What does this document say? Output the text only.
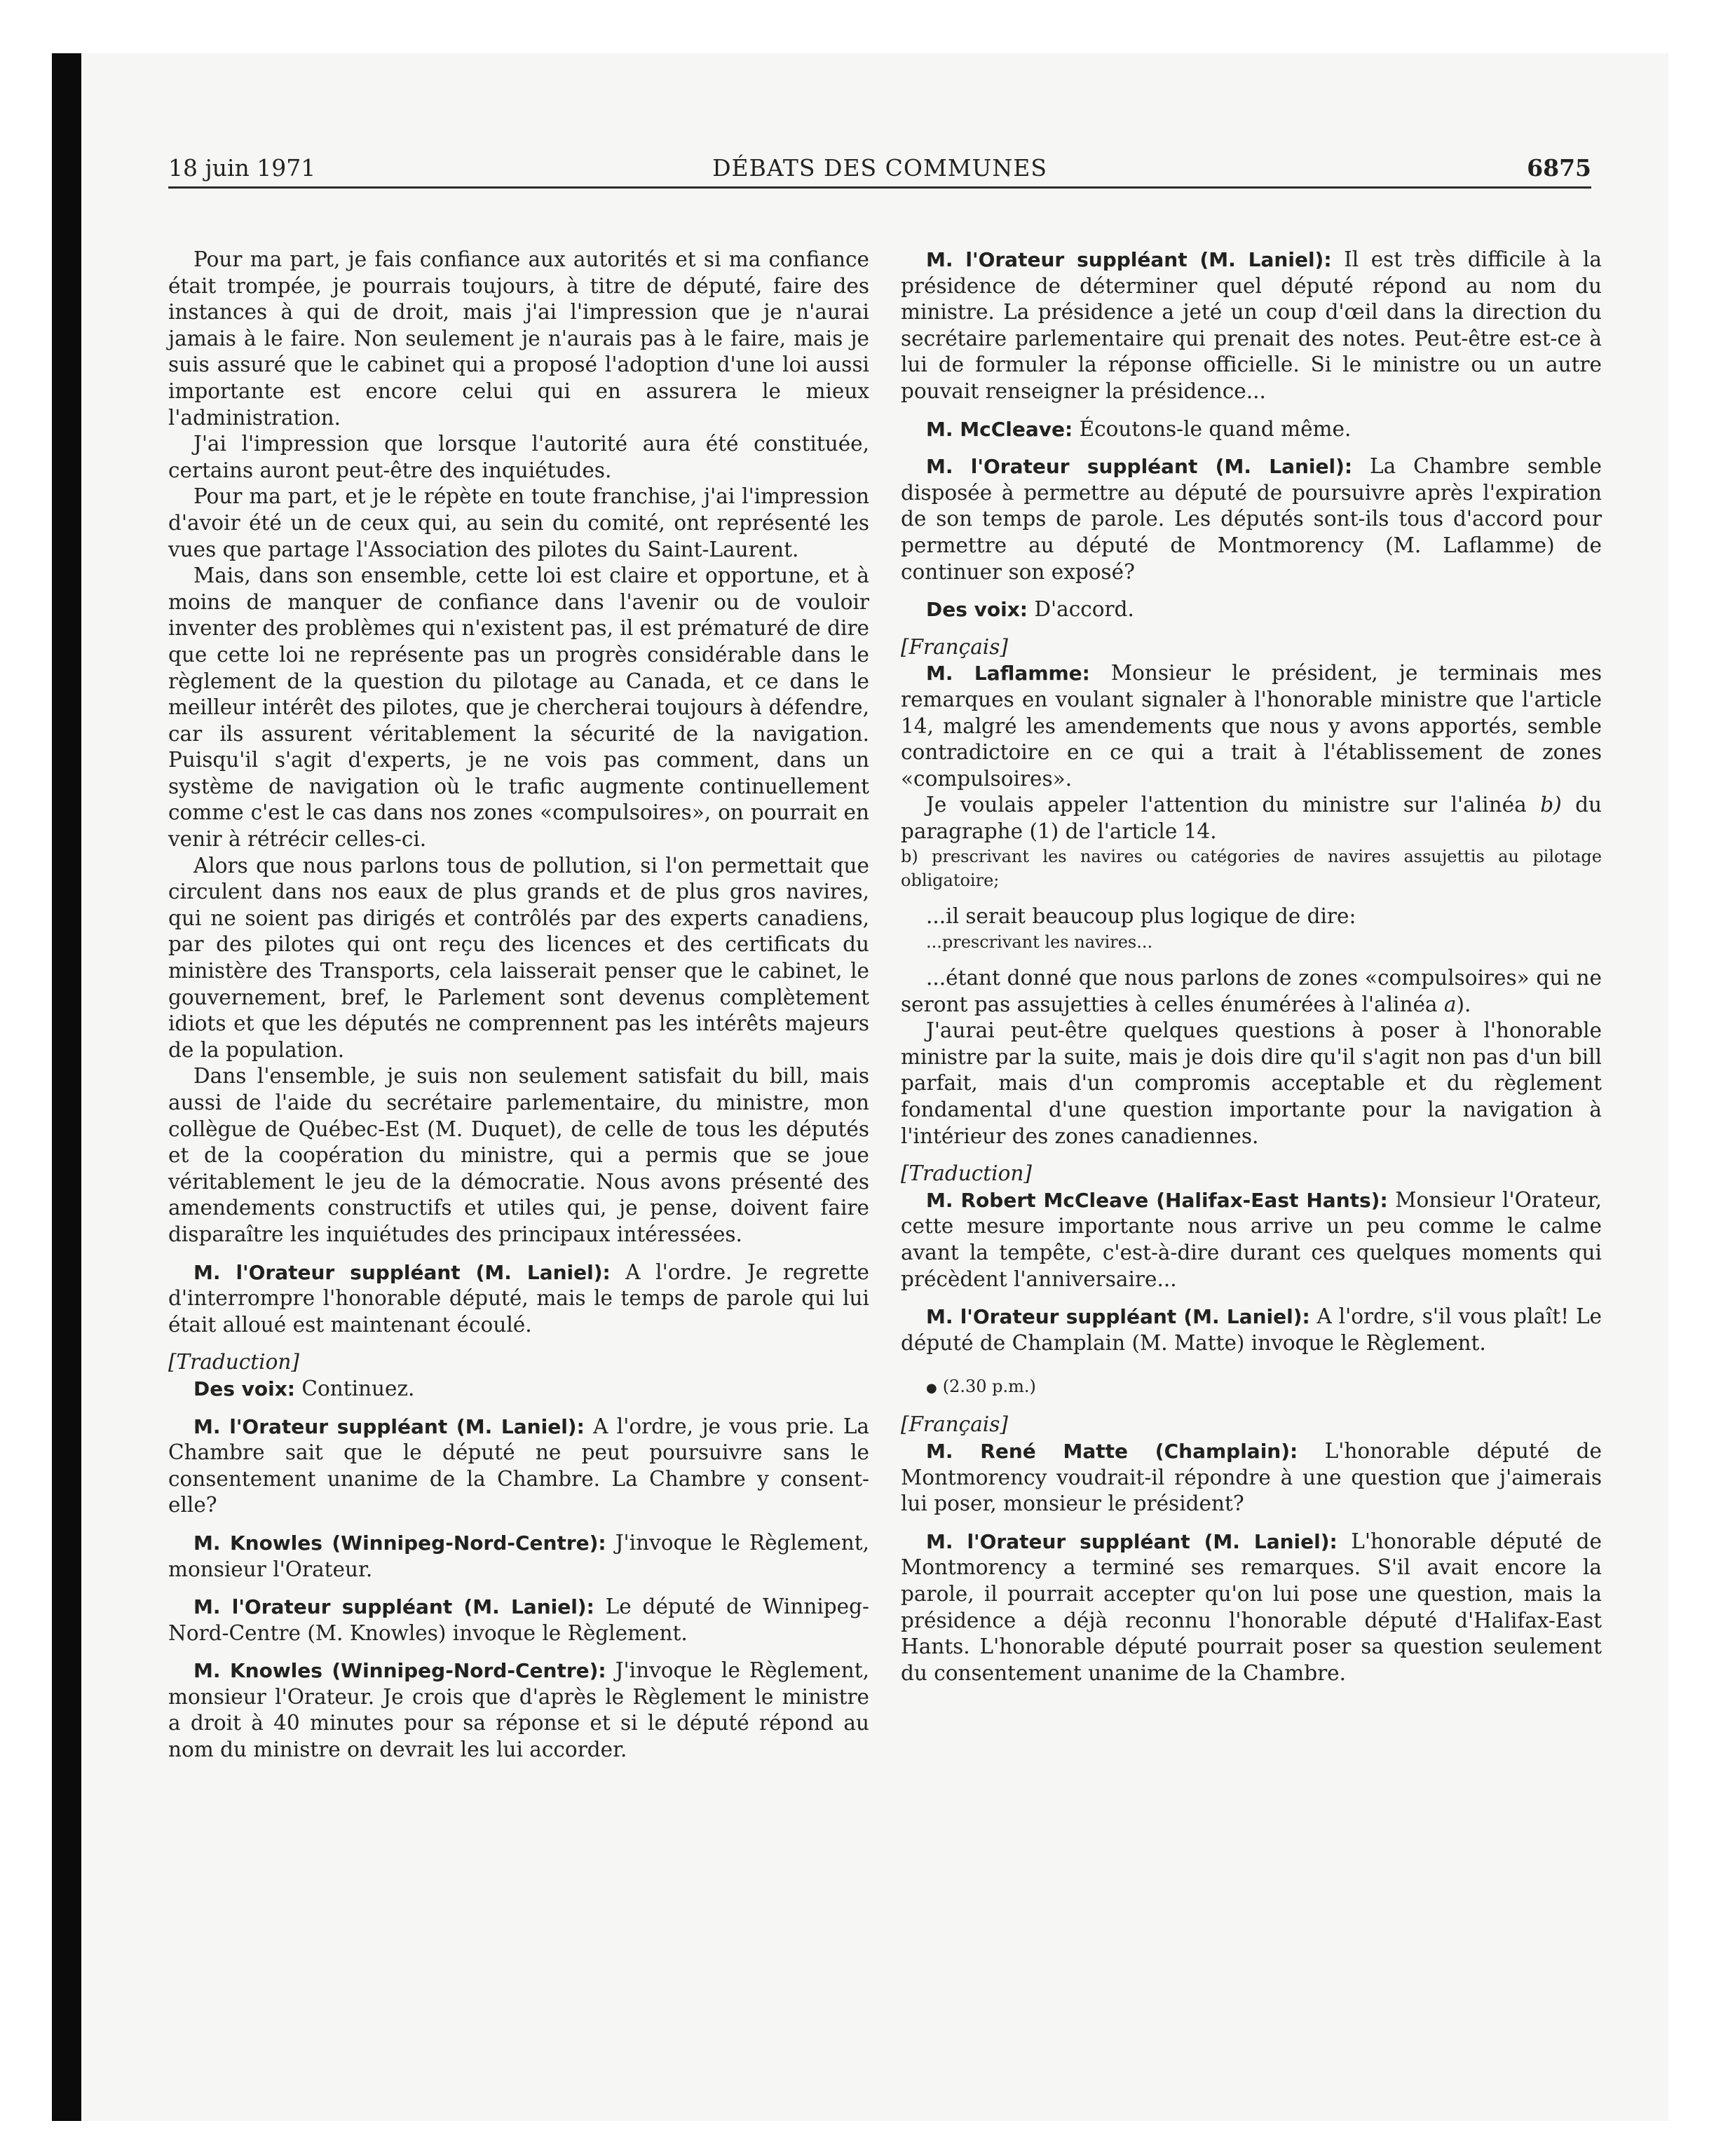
18 juin 1971	DÉBATS DES COMMUNES	6875

Pour ma part, je fais confiance aux autorités et si ma confiance était trompée, je pourrais toujours, à titre de député, faire des instances à qui de droit, mais j'ai l'impression que je n'aurai jamais à le faire. Non seulement je n'aurais pas à le faire, mais je suis assuré que le cabinet qui a proposé l'adoption d'une loi aussi importante est encore celui qui en assurera le mieux l'administration.

J'ai l'impression que lorsque l'autorité aura été constituée, certains auront peut-être des inquiétudes.

Pour ma part, et je le répète en toute franchise, j'ai l'impression d'avoir été un de ceux qui, au sein du comité, ont représenté les vues que partage l'Association des pilotes du Saint-Laurent.

Mais, dans son ensemble, cette loi est claire et opportune, et à moins de manquer de confiance dans l'avenir ou de vouloir inventer des problèmes qui n'existent pas, il est prématuré de dire que cette loi ne représente pas un progrès considérable dans le règlement de la question du pilotage au Canada, et ce dans le meilleur intérêt des pilotes, que je chercherai toujours à défendre, car ils assurent véritablement la sécurité de la navigation. Puisqu'il s'agit d'experts, je ne vois pas comment, dans un système de navigation où le trafic augmente continuellement comme c'est le cas dans nos zones «compulsoires», on pourrait en venir à rétrécir celles-ci.

Alors que nous parlons tous de pollution, si l'on permettait que circulent dans nos eaux de plus grands et de plus gros navires, qui ne soient pas dirigés et contrôlés par des experts canadiens, par des pilotes qui ont reçu des licences et des certificats du ministère des Transports, cela laisserait penser que le cabinet, le gouvernement, bref, le Parlement sont devenus complètement idiots et que les députés ne comprennent pas les intérêts majeurs de la population.

Dans l'ensemble, je suis non seulement satisfait du bill, mais aussi de l'aide du secrétaire parlementaire, du ministre, mon collègue de Québec-Est (M. Duquet), de celle de tous les députés et de la coopération du ministre, qui a permis que se joue véritablement le jeu de la démocratie. Nous avons présenté des amendements constructifs et utiles qui, je pense, doivent faire disparaître les inquiétudes des principaux intéressées.

M. l'Orateur suppléant (M. Laniel): A l'ordre. Je regrette d'interrompre l'honorable député, mais le temps de parole qui lui était alloué est maintenant écoulé.

[Traduction]

Des voix: Continuez.

M. l'Orateur suppléant (M. Laniel): A l'ordre, je vous prie. La Chambre sait que le député ne peut poursuivre sans le consentement unanime de la Chambre. La Chambre y consent-elle?

M. Knowles (Winnipeg-Nord-Centre): J'invoque le Règlement, monsieur l'Orateur.

M. l'Orateur suppléant (M. Laniel): Le député de Winnipeg-Nord-Centre (M. Knowles) invoque le Règlement.

M. Knowles (Winnipeg-Nord-Centre): J'invoque le Règlement, monsieur l'Orateur. Je crois que d'après le Règlement le ministre a droit à 40 minutes pour sa réponse et si le député répond au nom du ministre on devrait les lui accorder.

M. l'Orateur suppléant (M. Laniel): Il est très difficile à la présidence de déterminer quel député répond au nom du ministre. La présidence a jeté un coup d'œil dans la direction du secrétaire parlementaire qui prenait des notes. Peut-être est-ce à lui de formuler la réponse officielle. Si le ministre ou un autre pouvait renseigner la présidence...

M. McCleave: Écoutons-le quand même.

M. l'Orateur suppléant (M. Laniel): La Chambre semble disposée à permettre au député de poursuivre après l'expiration de son temps de parole. Les députés sont-ils tous d'accord pour permettre au député de Montmorency (M. Laflamme) de continuer son exposé?

Des voix: D'accord.

[Français]

M. Laflamme: Monsieur le président, je terminais mes remarques en voulant signaler à l'honorable ministre que l'article 14, malgré les amendements que nous y avons apportés, semble contradictoire en ce qui a trait à l'établissement de zones «compulsoires».

Je voulais appeler l'attention du ministre sur l'alinéa b) du paragraphe (1) de l'article 14.

b) prescrivant les navires ou catégories de navires assujettis au pilotage obligatoire;

...il serait beaucoup plus logique de dire:

...prescrivant les navires...

...étant donné que nous parlons de zones «compulsoires» qui ne seront pas assujetties à celles énumérées à l'alinéa a).

J'aurai peut-être quelques questions à poser à l'honorable ministre par la suite, mais je dois dire qu'il s'agit non pas d'un bill parfait, mais d'un compromis acceptable et du règlement fondamental d'une question importante pour la navigation à l'intérieur des zones canadiennes.

[Traduction]

M. Robert McCleave (Halifax-East Hants): Monsieur l'Orateur, cette mesure importante nous arrive un peu comme le calme avant la tempête, c'est-à-dire durant ces quelques moments qui précèdent l'anniversaire...

M. l'Orateur suppléant (M. Laniel): A l'ordre, s'il vous plaît! Le député de Champlain (M. Matte) invoque le Règlement.

● (2.30 p.m.)

[Français]

M. René Matte (Champlain): L'honorable député de Montmorency voudrait-il répondre à une question que j'aimerais lui poser, monsieur le président?

M. l'Orateur suppléant (M. Laniel): L'honorable député de Montmorency a terminé ses remarques. S'il avait encore la parole, il pourrait accepter qu'on lui pose une question, mais la présidence a déjà reconnu l'honorable député d'Halifax-East Hants. L'honorable député pourrait poser sa question seulement du consentement unanime de la Chambre.
